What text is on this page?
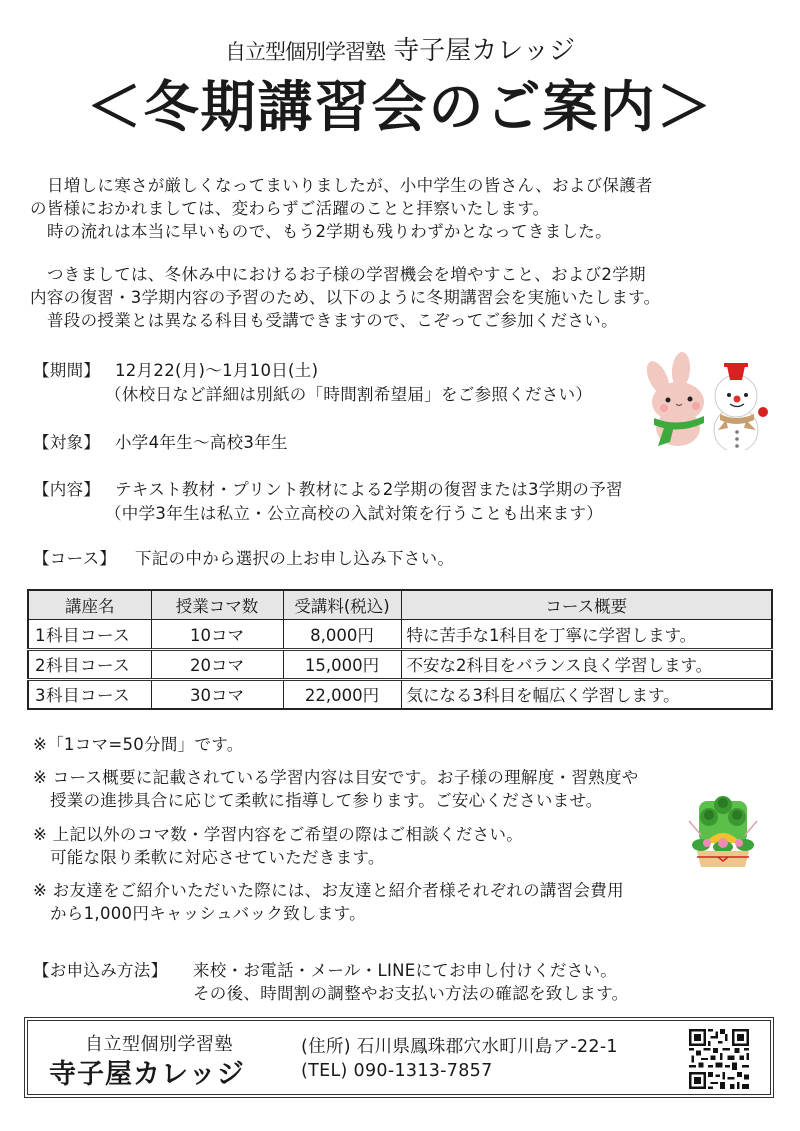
自立型個別学習塾 寺子屋カレッジ
＜冬期講習会のご案内＞

日増しに寒さが厳しくなってまいりましたが、小中学生の皆さん、および保護者

の皆様におかれましては、変わらずご活躍のことと拝察いたします。

時の流れは本当に早いもので、もう2学期も残りわずかとなってきました。

つきましては、冬休み中におけるお子様の学習機会を増やすこと、および2学期

内容の復習・3学期内容の予習のため、以下のように冬期講習会を実施いたします。

普段の授業とは異なる科目も受講できますので、こぞってご参加ください。

【期間】 12月22(月)～1月10日(土)
（休校日など詳細は別紙の「時間割希望届」をご参照ください）
【対象】 小学4年生～高校3年生
【内容】 テキスト教材・プリント教材による2学期の復習または3学期の予習
（中学3年生は私立・公立高校の入試対策を行うことも出来ます）
【コース】 下記の中から選択の上お申し込み下さい。
講座名	授業コマ数	受講料(税込)	コース概要
1科目コース	10コマ	8,000円	特に苦手な1科目を丁寧に学習します。
2科目コース	20コマ	15,000円	不安な2科目をバランス良く学習します。
3科目コース	30コマ	22,000円	気になる3科目を幅広く学習します。

※「1コマ=50分間」です。

※ コース概要に記載されている学習内容は目安です。お子様の理解度・習熟度や

授業の進捗具合に応じて柔軟に指導して参ります。ご安心くださいませ。

※ 上記以外のコマ数・学習内容をご希望の際はご相談ください。

可能な限り柔軟に対応させていただきます。

※ お友達をご紹介いただいた際には、お友達と紹介者様それぞれの講習会費用

から1,000円キャッシュバック致します。

【お申込み方法】 来校・お電話・メール・LINEにてお申し付けください。
その後、時間割の調整やお支払い方法の確認を致します。
自立型個別学習塾
寺子屋カレッジ
(住所) 石川県鳳珠郡穴水町川島ア-22-1
(TEL) 090-1313-7857
